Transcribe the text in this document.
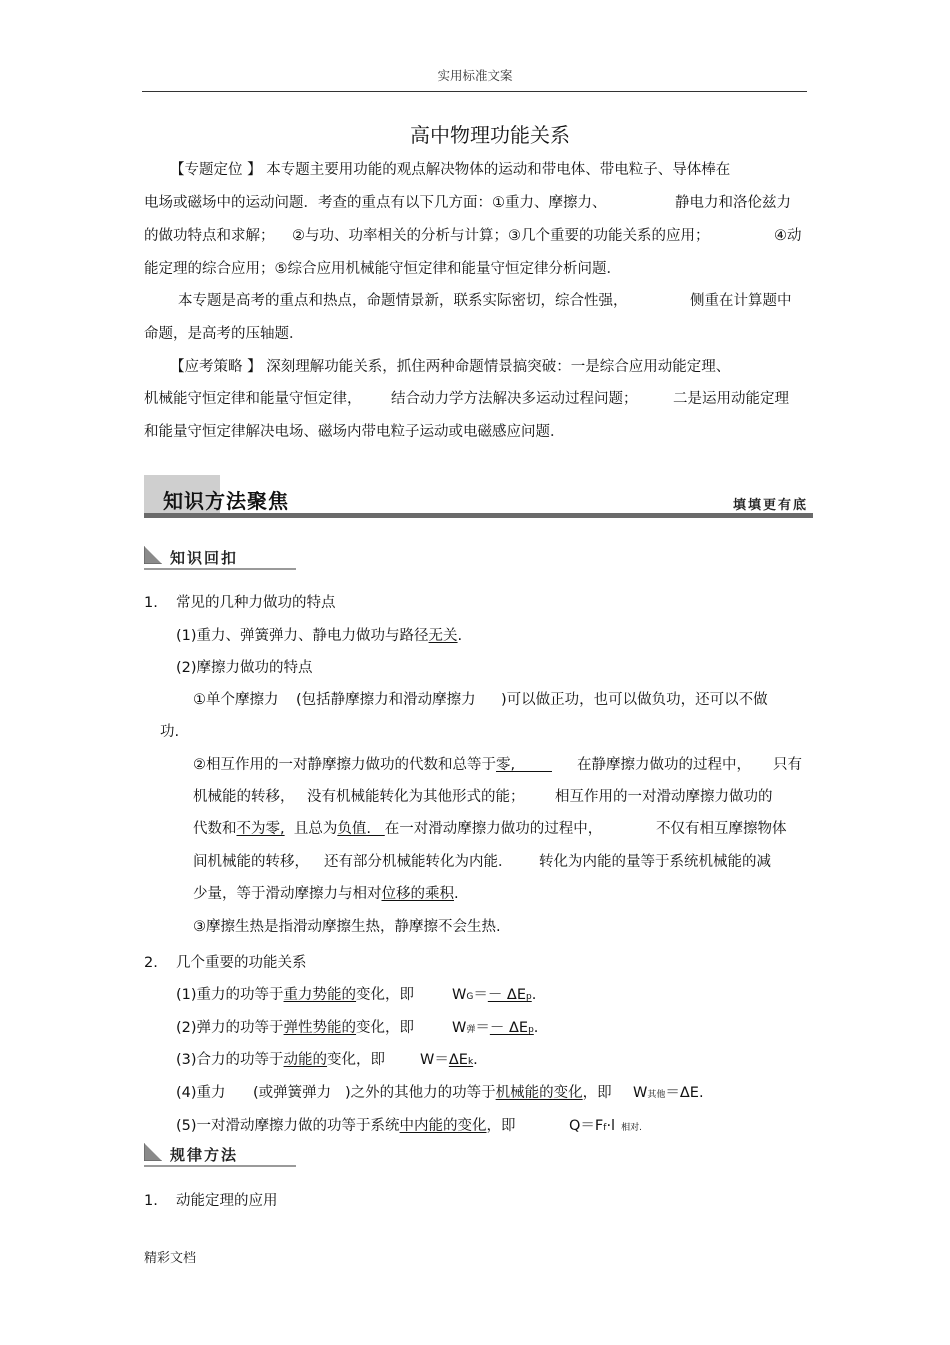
实用标准文案
高中物理功能关系
【专题定位 】 本专题主要用功能的观点解决物体的运动和带电体、带电粒子、导体棒在
电场或磁场中的运动问题．考查的重点有以下几方面：①重力、摩擦力、	静电力和洛伦兹力
的做功特点和求解； ②与功、功率相关的分析与计算；③几个重要的功能关系的应用；	④动
能定理的综合应用；⑤综合应用机械能守恒定律和能量守恒定律分析问题．
本专题是高考的重点和热点，命题情景新，联系实际密切，综合性强，	侧重在计算题中
命题，是高考的压轴题．
【应考策略 】 深刻理解功能关系，抓住两种命题情景搞突破：一是综合应用动能定理、
机械能守恒定律和能量守恒定律， 结合动力学方法解决多运动过程问题； 二是运用动能定理
和能量守恒定律解决电场、磁场内带电粒子运动或电磁感应问题．
知识方法聚焦	填填更有底
知识回扣
1. 常见的几种力做功的特点
(1)重力、弹簧弹力、静电力做功与路径无关.
(2)摩擦力做功的特点
①单个摩擦力 (包括静摩擦力和滑动摩擦力 )可以做正功，也可以做负功，还可以不做
功.
②相互作用的一对静摩擦力做功的代数和总等于零, 在静摩擦力做功的过程中， 只有
机械能的转移， 没有机械能转化为其他形式的能； 相互作用的一对滑动摩擦力做功的
代数和不为零,  且总为负值.   在一对滑动摩擦力做功的过程中，	不仅有相互摩擦物体
间机械能的转移， 还有部分机械能转化为内能． 转化为内能的量等于系统机械能的减
少量，等于滑动摩擦力与相对位移的乘积.
③摩擦生热是指滑动摩擦生热，静摩擦不会生热.
2. 几个重要的功能关系
(1)重力的功等于重力势能的变化，即	WG＝－ ΔEp.
(2)弹力的功等于弹性势能的变化，即	W弹＝－ ΔEp.
(3)合力的功等于动能的变化，即 W＝ΔEk.
(4)重力 (或弹簧弹力 )之外的其他力的功等于机械能的变化，即 W其他＝ΔE.
(5)一对滑动摩擦力做的功等于系统中内能的变化，即	Q＝Ff·l 相对.
规律方法
1. 动能定理的应用
精彩文档
